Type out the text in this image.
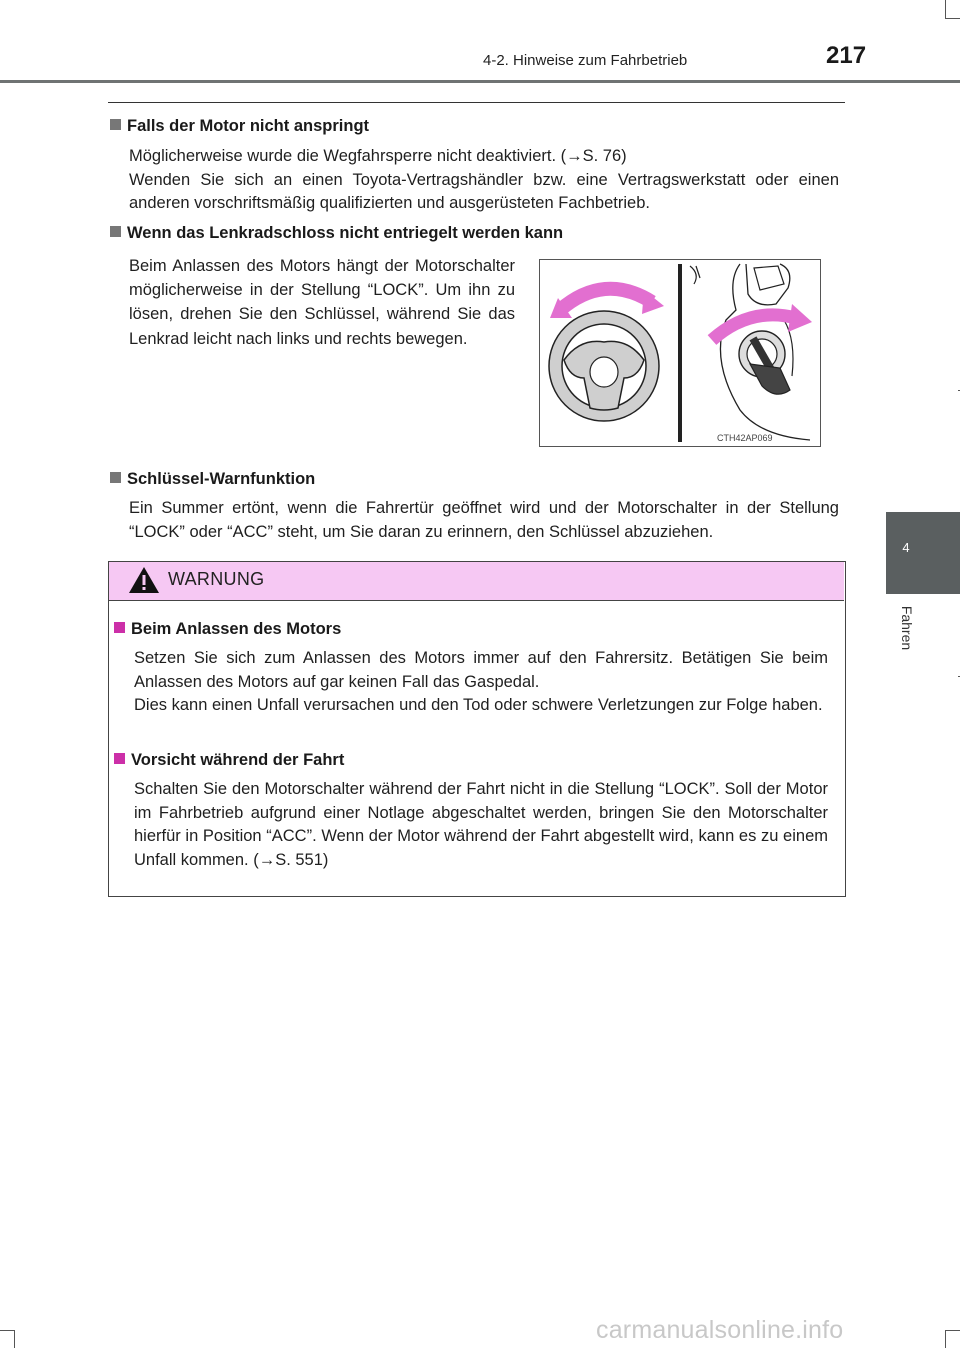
4-2. Hinweise zum Fahrbetrieb	217
4
Fahren
Falls der Motor nicht anspringt

Möglicherweise wurde die Wegfahrsperre nicht deaktiviert. (→S. 76)

Wenden Sie sich an einen Toyota-Vertragshändler bzw. eine Vertragswerkstatt oder einen anderen vorschriftsmäßig qualifizierten und ausgerüsteten Fachbetrieb.

Wenn das Lenkradschloss nicht entriegelt werden kann

Beim Anlassen des Motors hängt der Motorschalter möglicherweise in der Stellung “LOCK”. Um ihn zu lösen, drehen Sie den Schlüssel, während Sie das Lenkrad leicht nach links und rechts bewegen.

CTH42AP069
Schlüssel-Warnfunktion

Ein Summer ertönt, wenn die Fahrertür geöffnet wird und der Motorschalter in der Stellung “LOCK” oder “ACC” steht, um Sie daran zu erinnern, den Schlüssel abzuziehen.

WARNUNG
Beim Anlassen des Motors

Setzen Sie sich zum Anlassen des Motors immer auf den Fahrersitz. Betätigen Sie beim Anlassen des Motors auf gar keinen Fall das Gaspedal.

Dies kann einen Unfall verursachen und den Tod oder schwere Verletzungen zur Folge haben.

Vorsicht während der Fahrt

Schalten Sie den Motorschalter während der Fahrt nicht in die Stellung “LOCK”. Soll der Motor im Fahrbetrieb aufgrund einer Notlage abgeschaltet werden, bringen Sie den Motorschalter hierfür in Position “ACC”. Wenn der Motor während der Fahrt abgestellt wird, kann es zu einem Unfall kommen. (→S. 551)

carmanualsonline.info
